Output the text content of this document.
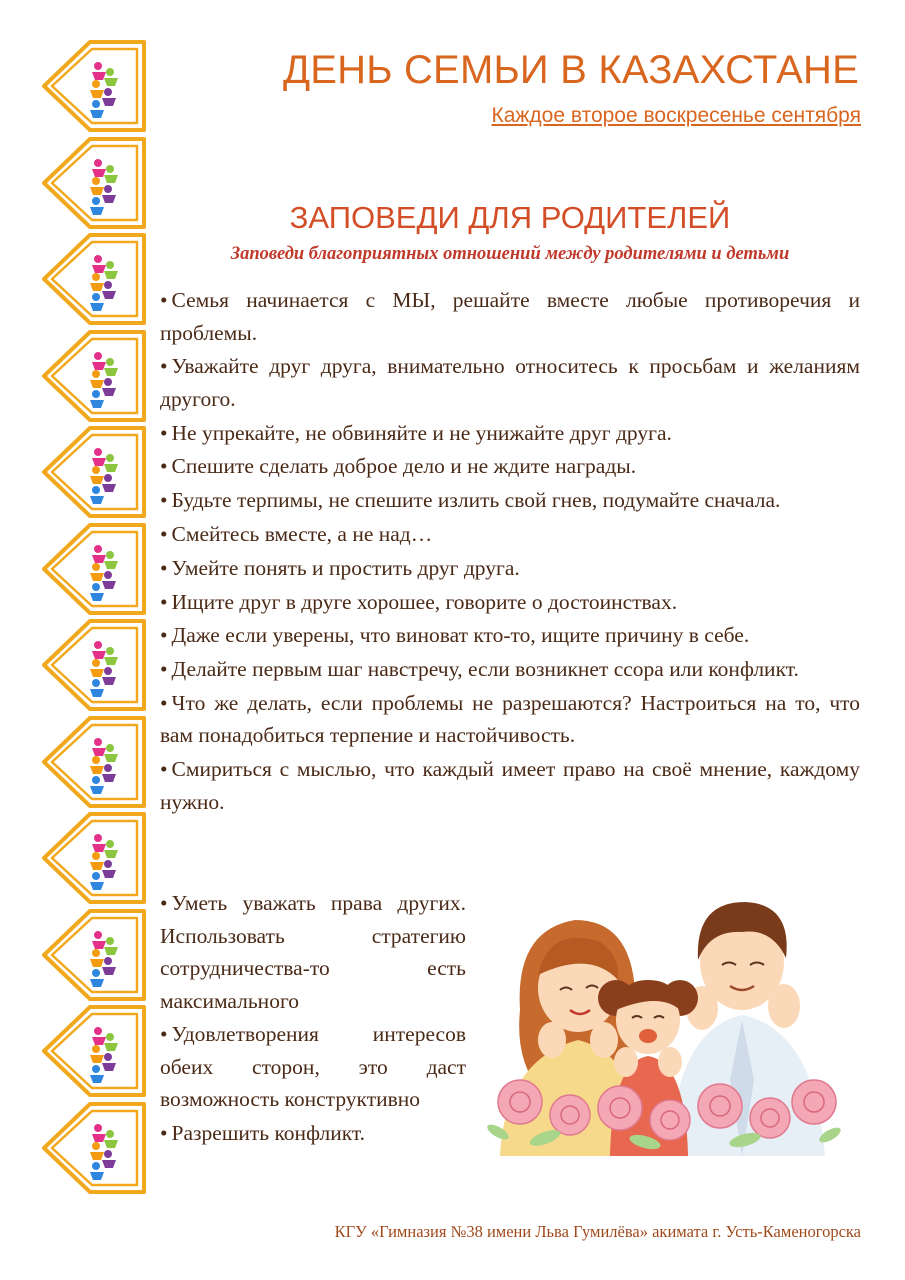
ДЕНЬ СЕМЬИ В КАЗАХСТАНЕ
Каждое второе воскресенье сентября
ЗАПОВЕДИ ДЛЯ РОДИТЕЛЕЙ
Заповеди благоприятных отношений между родителями и детьми
• Семья начинается с МЫ, решайте вместе любые противоречия и проблемы.
• Уважайте друг друга, внимательно относитесь к просьбам и желаниям другого.
• Не упрекайте, не обвиняйте и не унижайте друг друга.
• Спешите сделать доброе дело и не ждите награды.
• Будьте терпимы, не спешите излить свой гнев, подумайте сначала.
• Смейтесь вместе, а не над…
• Умейте понять и простить друг друга.
• Ищите друг в друге хорошее, говорите о достоинствах.
• Даже если уверены, что виноват кто-то, ищите причину в себе.
• Делайте первым шаг навстречу, если возникнет ссора или конфликт.
• Что же делать, если проблемы не разрешаются? Настроиться на то, что вам понадобиться терпение и настойчивость.
• Смириться с мыслью, что каждый имеет право на своё мнение, каждому нужно.
• Уметь уважать права других. Использовать стратегию сотрудничества-то есть максимального
• Удовлетворения интересов обеих сторон, это даст возможность конструктивно
• Разрешить конфликт.
КГУ «Гимназия №38 имени Льва Гумилёва» акимата г. Усть-Каменогорска
